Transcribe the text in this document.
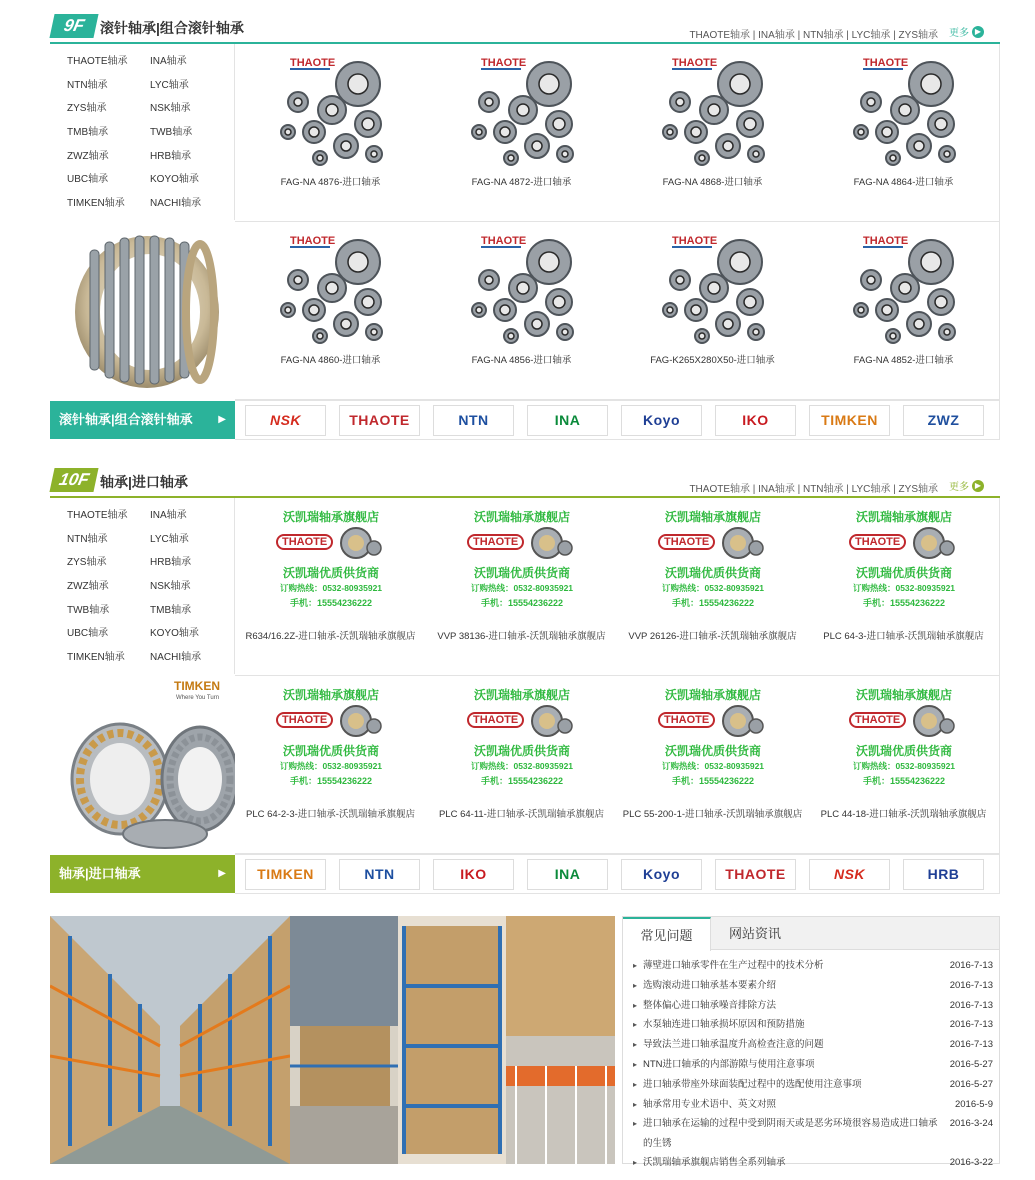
9F 滚针轴承|组合滚针轴承	THAOTE轴承 | INA轴承 | NTN轴承 | LYC轴承 | ZYS轴承 更多 ▶
THAOTE轴承	INA轴承
NTN轴承	LYC轴承
ZYS轴承	NSK轴承
TMB轴承	TWB轴承
ZWZ轴承	HRB轴承
UBC轴承	KOYO轴承
TIMKEN轴承	NACHI轴承
滚针轴承|组合滚针轴承	▶
THAOTE
FAG-NA 4876-进口轴承
THAOTE
FAG-NA 4872-进口轴承
THAOTE
FAG-NA 4868-进口轴承
THAOTE
FAG-NA 4864-进口轴承
THAOTE
FAG-NA 4860-进口轴承
THAOTE
FAG-NA 4856-进口轴承
THAOTE
FAG-K265X280X50-进口轴承
THAOTE
FAG-NA 4852-进口轴承
NSK	THAOTE	NTN	INA	Koyo	IKO	TIMKEN	ZWZ
10F 轴承|进口轴承	THAOTE轴承 | INA轴承 | NTN轴承 | LYC轴承 | ZYS轴承 更多 ▶
THAOTE轴承	INA轴承
NTN轴承	LYC轴承
ZYS轴承	HRB轴承
ZWZ轴承	NSK轴承
TWB轴承	TMB轴承
UBC轴承	KOYO轴承
TIMKEN轴承	NACHI轴承
TIMKEN
Where You Turn
轴承|进口轴承	▶
沃凯瑞轴承旗舰店
THAOTE
沃凯瑞优质供货商
订购热线：0532-80935921
手机：15554236222
R634/16.2Z-进口轴承-沃凯瑞轴承旗舰店
沃凯瑞轴承旗舰店
THAOTE
沃凯瑞优质供货商
订购热线：0532-80935921
手机：15554236222
VVP 38136-进口轴承-沃凯瑞轴承旗舰店
沃凯瑞轴承旗舰店
THAOTE
沃凯瑞优质供货商
订购热线：0532-80935921
手机：15554236222
VVP 26126-进口轴承-沃凯瑞轴承旗舰店
沃凯瑞轴承旗舰店
THAOTE
沃凯瑞优质供货商
订购热线：0532-80935921
手机：15554236222
PLC 64-3-进口轴承-沃凯瑞轴承旗舰店
沃凯瑞轴承旗舰店
THAOTE
沃凯瑞优质供货商
订购热线：0532-80935921
手机：15554236222
PLC 64-2-3-进口轴承-沃凯瑞轴承旗舰店
沃凯瑞轴承旗舰店
THAOTE
沃凯瑞优质供货商
订购热线：0532-80935921
手机：15554236222
PLC 64-11-进口轴承-沃凯瑞轴承旗舰店
沃凯瑞轴承旗舰店
THAOTE
沃凯瑞优质供货商
订购热线：0532-80935921
手机：15554236222
PLC 55-200-1-进口轴承-沃凯瑞轴承旗舰店
沃凯瑞轴承旗舰店
THAOTE
沃凯瑞优质供货商
订购热线：0532-80935921
手机：15554236222
PLC 44-18-进口轴承-沃凯瑞轴承旗舰店
TIMKEN	NTN	IKO	INA	Koyo	THAOTE	NSK	HRB
常见问题	网站资讯
▸ 薄壁进口轴承零件在生产过程中的技术分析	2016-7-13
▸ 选购滚动进口轴承基本要素介绍	2016-7-13
▸ 整体偏心进口轴承噪音排除方法	2016-7-13
▸ 水泵轴连进口轴承损坏原因和预防措施	2016-7-13
▸ 导致法兰进口轴承温度升高检查注意的问题	2016-7-13
▸ NTN进口轴承的内部游隙与使用注意事项	2016-5-27
▸ 进口轴承带座外球面装配过程中的选配使用注意事项	2016-5-27
▸ 轴承常用专业术语中、英文对照	2016-5-9
▸ 进口轴承在运输的过程中受到阴雨天或是恶劣环境很容易造成进口轴承的生锈
2016-3-24
▸ 沃凯瑞轴承旗舰店销售全系列轴承	2016-3-22
